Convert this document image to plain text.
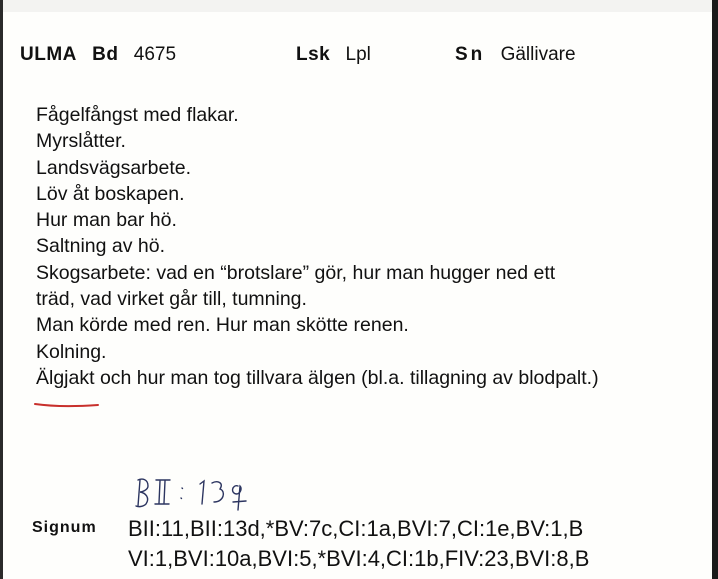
ULMA Bd 4675	Lsk Lpl	Sn Gällivare
Fågelfångst med flakar.
Myrslåtter.
Landsvägsarbete.
Löv åt boskapen.
Hur man bar hö.
Saltning av hö.
Skogsarbete: vad en “brotslare” gör, hur man hugger ned ett
träd, vad virket går till, tumning.
Man körde med ren. Hur man skötte renen.
Kolning.
Älgjakt och hur man tog tillvara älgen (bl.a. tillagning av blodpalt.)
Signum BII:11,BII:13d,*BV:7c,CI:1a,BVI:7,CI:1e,BV:1,B
VI:1,BVI:10a,BVI:5,*BVI:4,CI:1b,FIV:23,BVI:8,B
